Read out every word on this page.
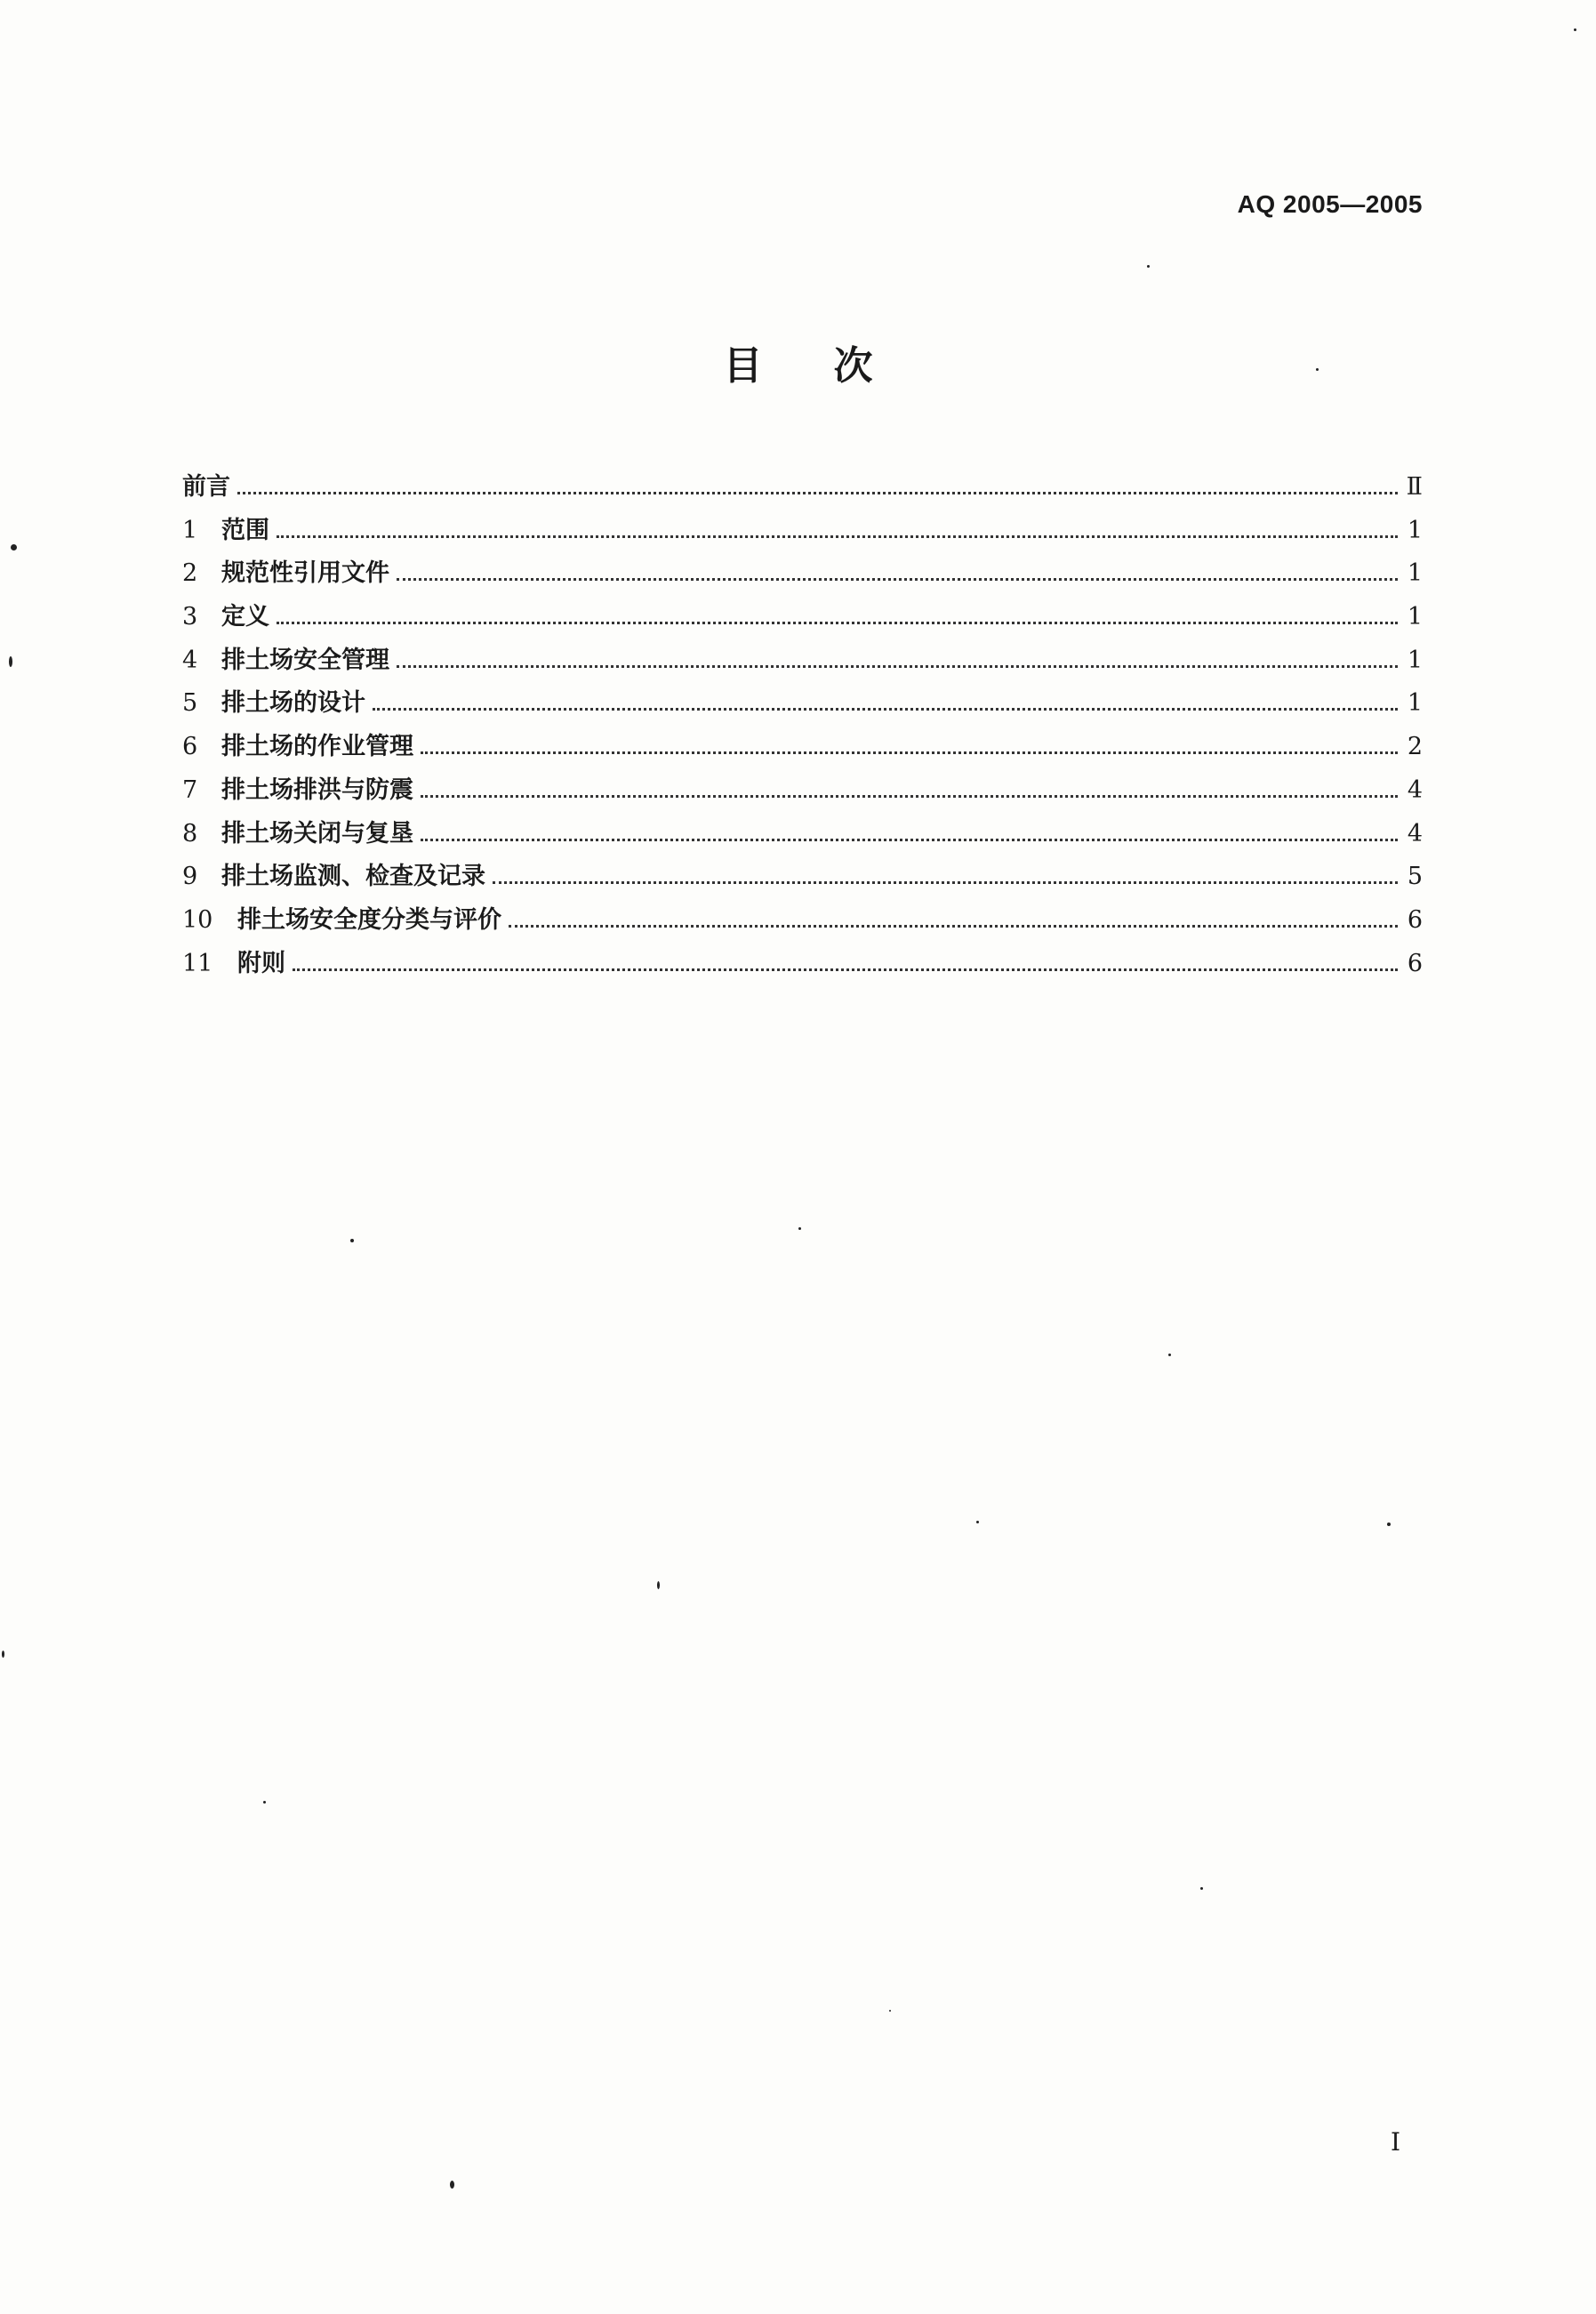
AQ 2005—2005
目次
前言	Ⅱ
1 范围	1
2 规范性引用文件	1
3 定义	1
4 排土场安全管理	1
5 排土场的设计	1
6 排土场的作业管理	2
7 排土场排洪与防震	4
8 排土场关闭与复垦	4
9 排土场监测、检查及记录	5
10	排土场安全度分类与评价	6
11	附则	6
I
